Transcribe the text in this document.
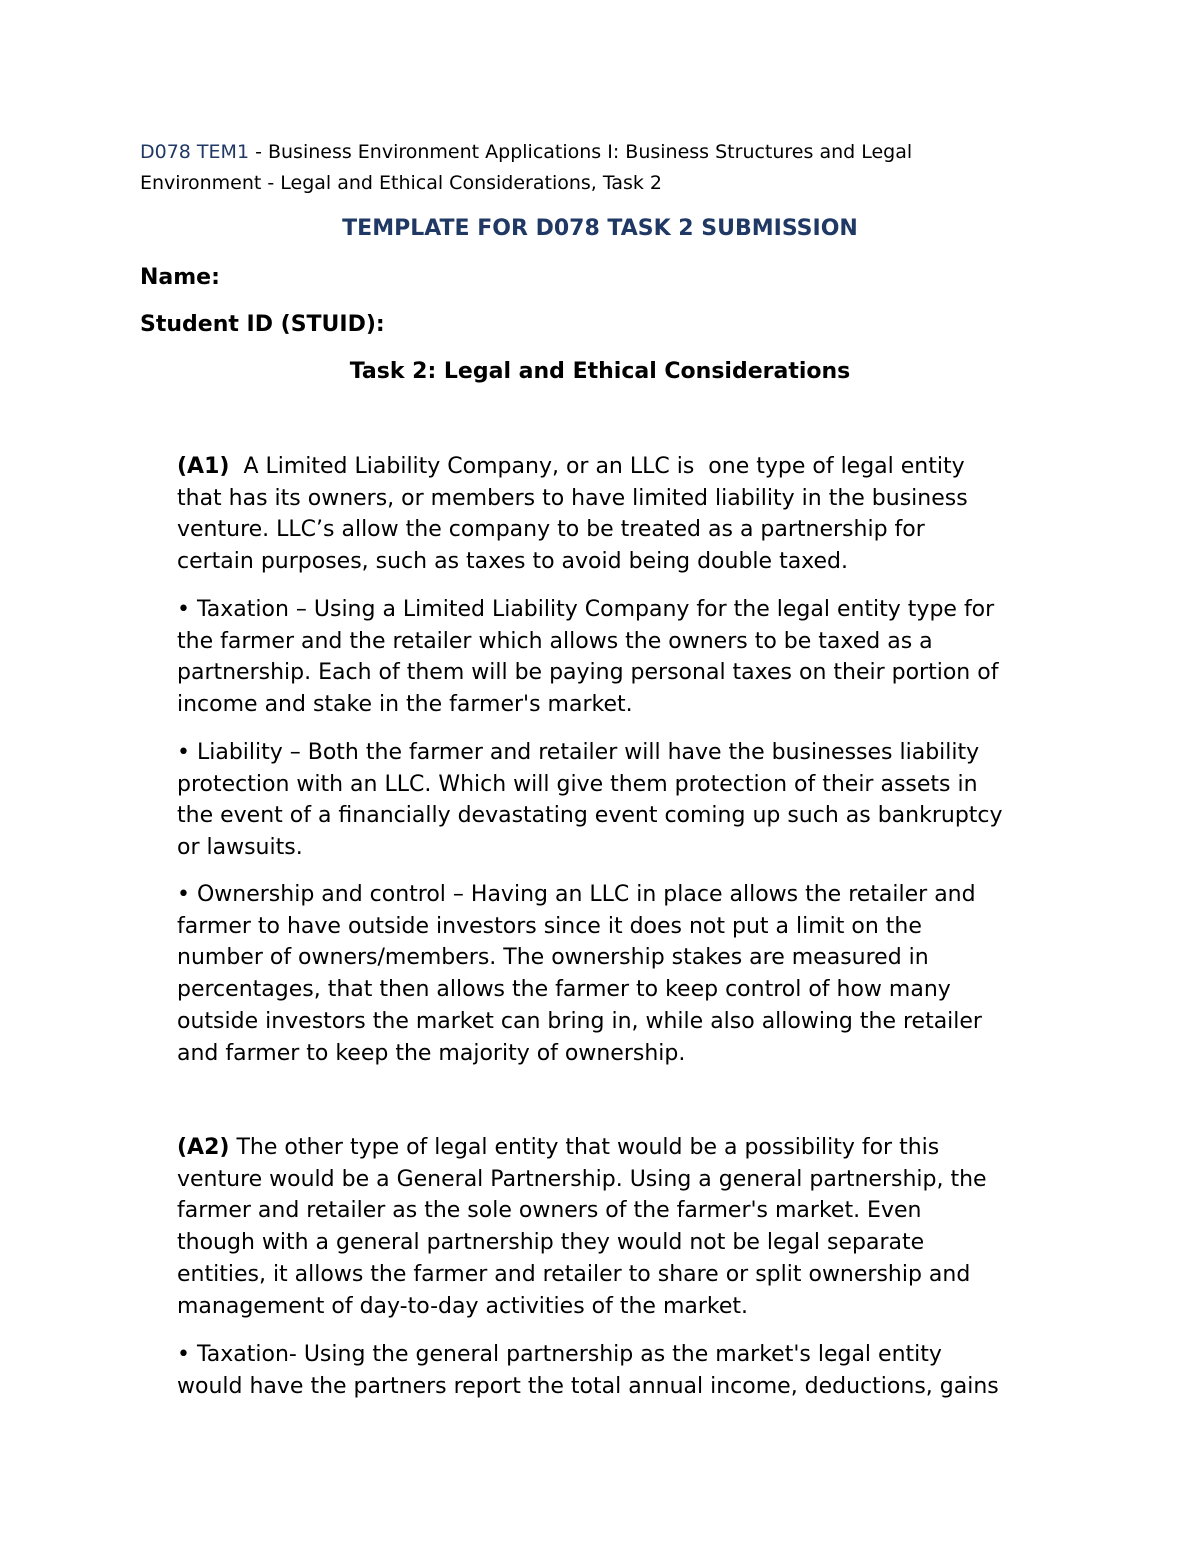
D078 TEM1 - Business Environment Applications I: Business Structures and Legal
Environment - Legal and Ethical Considerations, Task 2
TEMPLATE FOR D078 TASK 2 SUBMISSION
Name:
Student ID (STUID):
Task 2: Legal and Ethical Considerations
(A1)  A Limited Liability Company, or an LLC is  one type of legal entity
that has its owners, or members to have limited liability in the business
venture. LLC’s allow the company to be treated as a partnership for
certain purposes, such as taxes to avoid being double taxed.
• Taxation – Using a Limited Liability Company for the legal entity type for
the farmer and the retailer which allows the owners to be taxed as a
partnership. Each of them will be paying personal taxes on their portion of
income and stake in the farmer's market.
• Liability – Both the farmer and retailer will have the businesses liability
protection with an LLC. Which will give them protection of their assets in
the event of a financially devastating event coming up such as bankruptcy
or lawsuits.
• Ownership and control – Having an LLC in place allows the retailer and
farmer to have outside investors since it does not put a limit on the
number of owners/members. The ownership stakes are measured in
percentages, that then allows the farmer to keep control of how many
outside investors the market can bring in, while also allowing the retailer
and farmer to keep the majority of ownership.
(A2) The other type of legal entity that would be a possibility for this
venture would be a General Partnership. Using a general partnership, the
farmer and retailer as the sole owners of the farmer's market. Even
though with a general partnership they would not be legal separate
entities, it allows the farmer and retailer to share or split ownership and
management of day-to-day activities of the market.
• Taxation- Using the general partnership as the market's legal entity
would have the partners report the total annual income, deductions, gains
